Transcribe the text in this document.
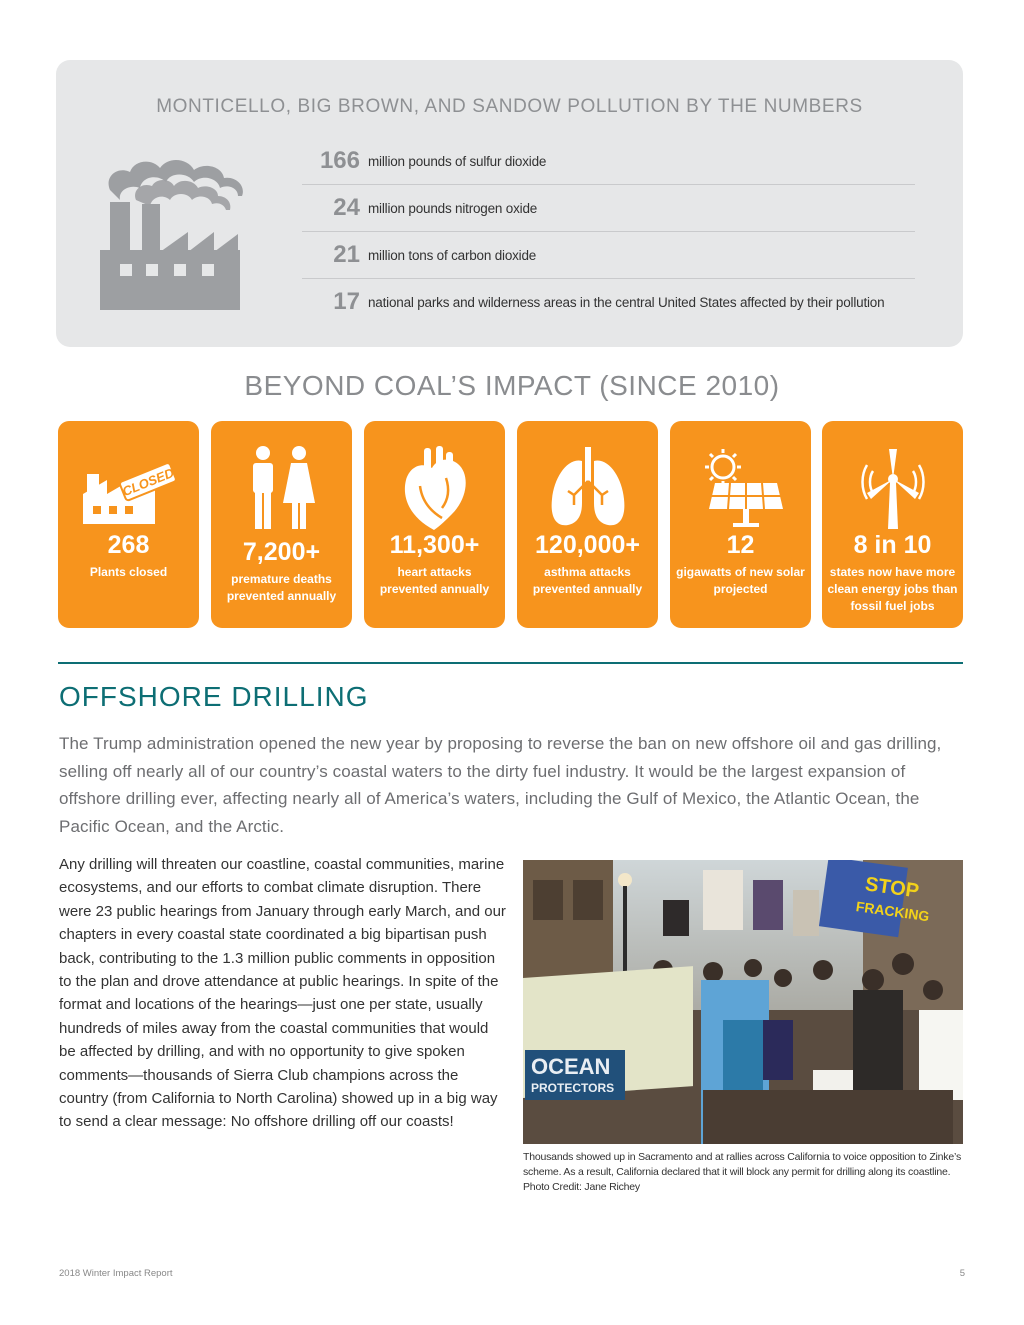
MONTICELLO, BIG BROWN, AND SANDOW POLLUTION BY THE NUMBERS
166 million pounds of sulfur dioxide
24 million pounds nitrogen oxide
21 million tons of carbon dioxide
17 national parks and wilderness areas in the central United States affected by their pollution
BEYOND COAL’S IMPACT (SINCE 2010)
CLOSED
268
Plants closed
7,200+
premature deaths prevented annually
11,300+
heart attacks prevented annually
120,000+
asthma attacks prevented annually
12
gigawatts of new solar projected
8 in 10
states now have more clean energy jobs than fossil fuel jobs
OFFSHORE DRILLING
The Trump administration opened the new year by proposing to reverse the ban on new offshore oil and gas drilling, selling off nearly all of our country’s coastal waters to the dirty fuel industry. It would be the largest expansion of offshore drilling ever, affecting nearly all of America’s waters, including the Gulf of Mexico, the Atlantic Ocean, the Pacific Ocean, and the Arctic.
Any drilling will threaten our coastline, coastal communities, marine ecosystems, and our efforts to combat climate disruption. There were 23 public hearings from January through early March, and our chapters in every coastal state coordinated a big bipartisan push back, contributing to the 1.3 million public comments in opposition to the plan and drove attendance at public hearings. In spite of the format and locations of the hearings—just one per state, usually hundreds of miles away from the coastal communities that would be affected by drilling, and with no opportunity to give spoken comments—thousands of Sierra Club champions across the country (from California to North Carolina) showed up in a big way to send a clear message: No offshore drilling off our coasts!
STOP
FRACKING
OCEAN
PROTECTORS
Thousands showed up in Sacramento and at rallies across California to voice opposition to Zinke’s scheme. As a result, California declared that it will block any permit for drilling along its coastline.
Photo Credit: Jane Richey
2018 Winter Impact Report	5
